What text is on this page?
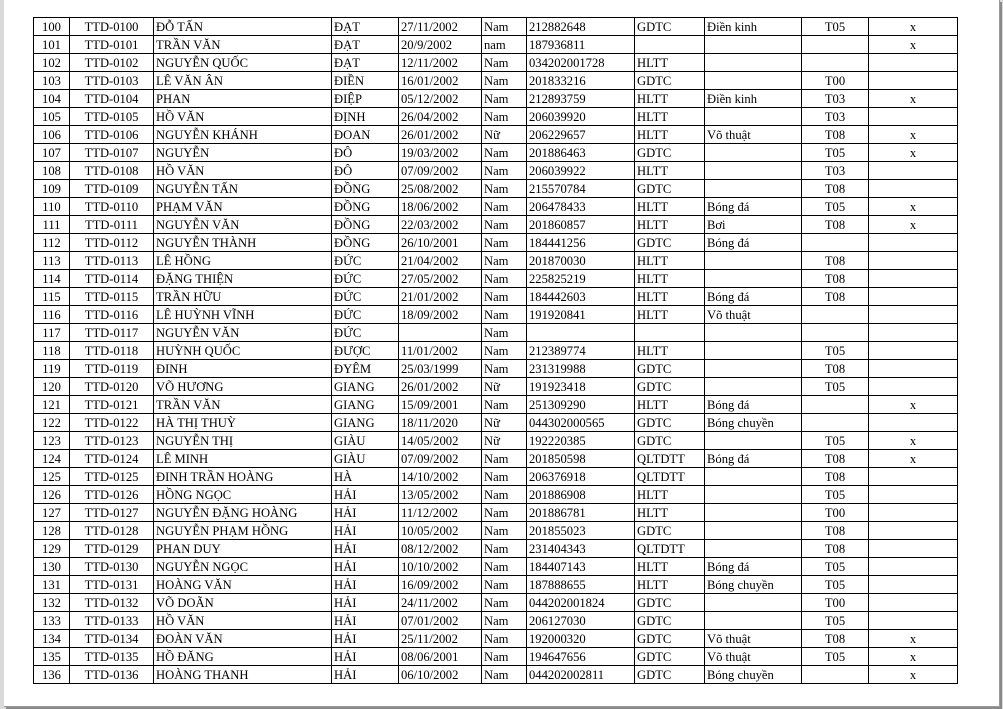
100	TTD-0100	ĐỖ TẤN	ĐẠT	27/11/2002	Nam	212882648	GDTC	Điền kinh	T05	x
101	TTD-0101	TRẦN VĂN	ĐẠT	20/9/2002	nam	187936811				x
102	TTD-0102	NGUYỄN QUỐC	ĐẠT	12/11/2002	Nam	034202001728	HLTT			
103	TTD-0103	LÊ VĂN ÂN	ĐIỀN	16/01/2002	Nam	201833216	GDTC		T00	
104	TTD-0104	PHAN	ĐIỆP	05/12/2002	Nam	212893759	HLTT	Điền kinh	T03	x
105	TTD-0105	HỒ VĂN	ĐỊNH	26/04/2002	Nam	206039920	HLTT		T03	
106	TTD-0106	NGUYỄN KHÁNH	ĐOAN	26/01/2002	Nữ	206229657	HLTT	Võ thuật	T08	x
107	TTD-0107	NGUYỄN	ĐÔ	19/03/2002	Nam	201886463	GDTC		T05	x
108	TTD-0108	HỒ VĂN	ĐÔ	07/09/2002	Nam	206039922	HLTT		T03	
109	TTD-0109	NGUYỄN TẤN	ĐỒNG	25/08/2002	Nam	215570784	GDTC		T08	
110	TTD-0110	PHẠM VĂN	ĐỒNG	18/06/2002	Nam	206478433	HLTT	Bóng đá	T05	x
111	TTD-0111	NGUYỄN VĂN	ĐỒNG	22/03/2002	Nam	201860857	HLTT	Bơi	T08	x
112	TTD-0112	NGUYỄN THÀNH	ĐỒNG	26/10/2001	Nam	184441256	GDTC	Bóng đá		
113	TTD-0113	LÊ HỒNG	ĐỨC	21/04/2002	Nam	201870030	HLTT		T08	
114	TTD-0114	ĐẶNG THIỆN	ĐỨC	27/05/2002	Nam	225825219	HLTT		T08	
115	TTD-0115	TRẦN HỮU	ĐỨC	21/01/2002	Nam	184442603	HLTT	Bóng đá	T08	
116	TTD-0116	LÊ HUỲNH VĨNH	ĐỨC	18/09/2002	Nam	191920841	HLTT	Võ thuật		
117	TTD-0117	NGUYỄN VĂN	ĐỨC		Nam					
118	TTD-0118	HUỲNH QUỐC	ĐƯỢC	11/01/2002	Nam	212389774	HLTT		T05	
119	TTD-0119	ĐINH	ĐYÊM	25/03/1999	Nam	231319988	GDTC		T08	
120	TTD-0120	VÕ HƯƠNG	GIANG	26/01/2002	Nữ	191923418	GDTC		T05	
121	TTD-0121	TRẦN VĂN	GIANG	15/09/2001	Nam	251309290	HLTT	Bóng đá		x
122	TTD-0122	HÀ THỊ THUỲ	GIANG	18/11/2020	Nữ	044302000565	GDTC	Bóng chuyền		
123	TTD-0123	NGUYỄN THỊ	GIÀU	14/05/2002	Nữ	192220385	GDTC		T05	x
124	TTD-0124	LÊ MINH	GIÀU	07/09/2002	Nam	201850598	QLTDTT	Bóng đá	T08	x
125	TTD-0125	ĐINH TRẦN HOÀNG	HÀ	14/10/2002	Nam	206376918	QLTDTT		T08	
126	TTD-0126	HỒNG NGỌC	HẢI	13/05/2002	Nam	201886908	HLTT		T05	
127	TTD-0127	NGUYỄN ĐẶNG HOÀNG	HẢI	11/12/2002	Nam	201886781	HLTT		T00	
128	TTD-0128	NGUYỄN PHẠM HỒNG	HẢI	10/05/2002	Nam	201855023	GDTC		T08	
129	TTD-0129	PHAN DUY	HẢI	08/12/2002	Nam	231404343	QLTDTT		T08	
130	TTD-0130	NGUYỄN NGỌC	HẢI	10/10/2002	Nam	184407143	HLTT	Bóng đá	T05	
131	TTD-0131	HOÀNG VĂN	HẢI	16/09/2002	Nam	187888655	HLTT	Bóng chuyền	T05	
132	TTD-0132	VÕ DOÃN	HẢI	24/11/2002	Nam	044202001824	GDTC		T00	
133	TTD-0133	HỒ VĂN	HẢI	07/01/2002	Nam	206127030	GDTC		T05	
134	TTD-0134	ĐOÀN VĂN	HẢI	25/11/2002	Nam	192000320	GDTC	Võ thuật	T08	x
135	TTD-0135	HỒ ĐĂNG	HẢI	08/06/2001	Nam	194647656	GDTC	Võ thuật	T05	x
136	TTD-0136	HOÀNG THANH	HẢI	06/10/2002	Nam	044202002811	GDTC	Bóng chuyền		x
